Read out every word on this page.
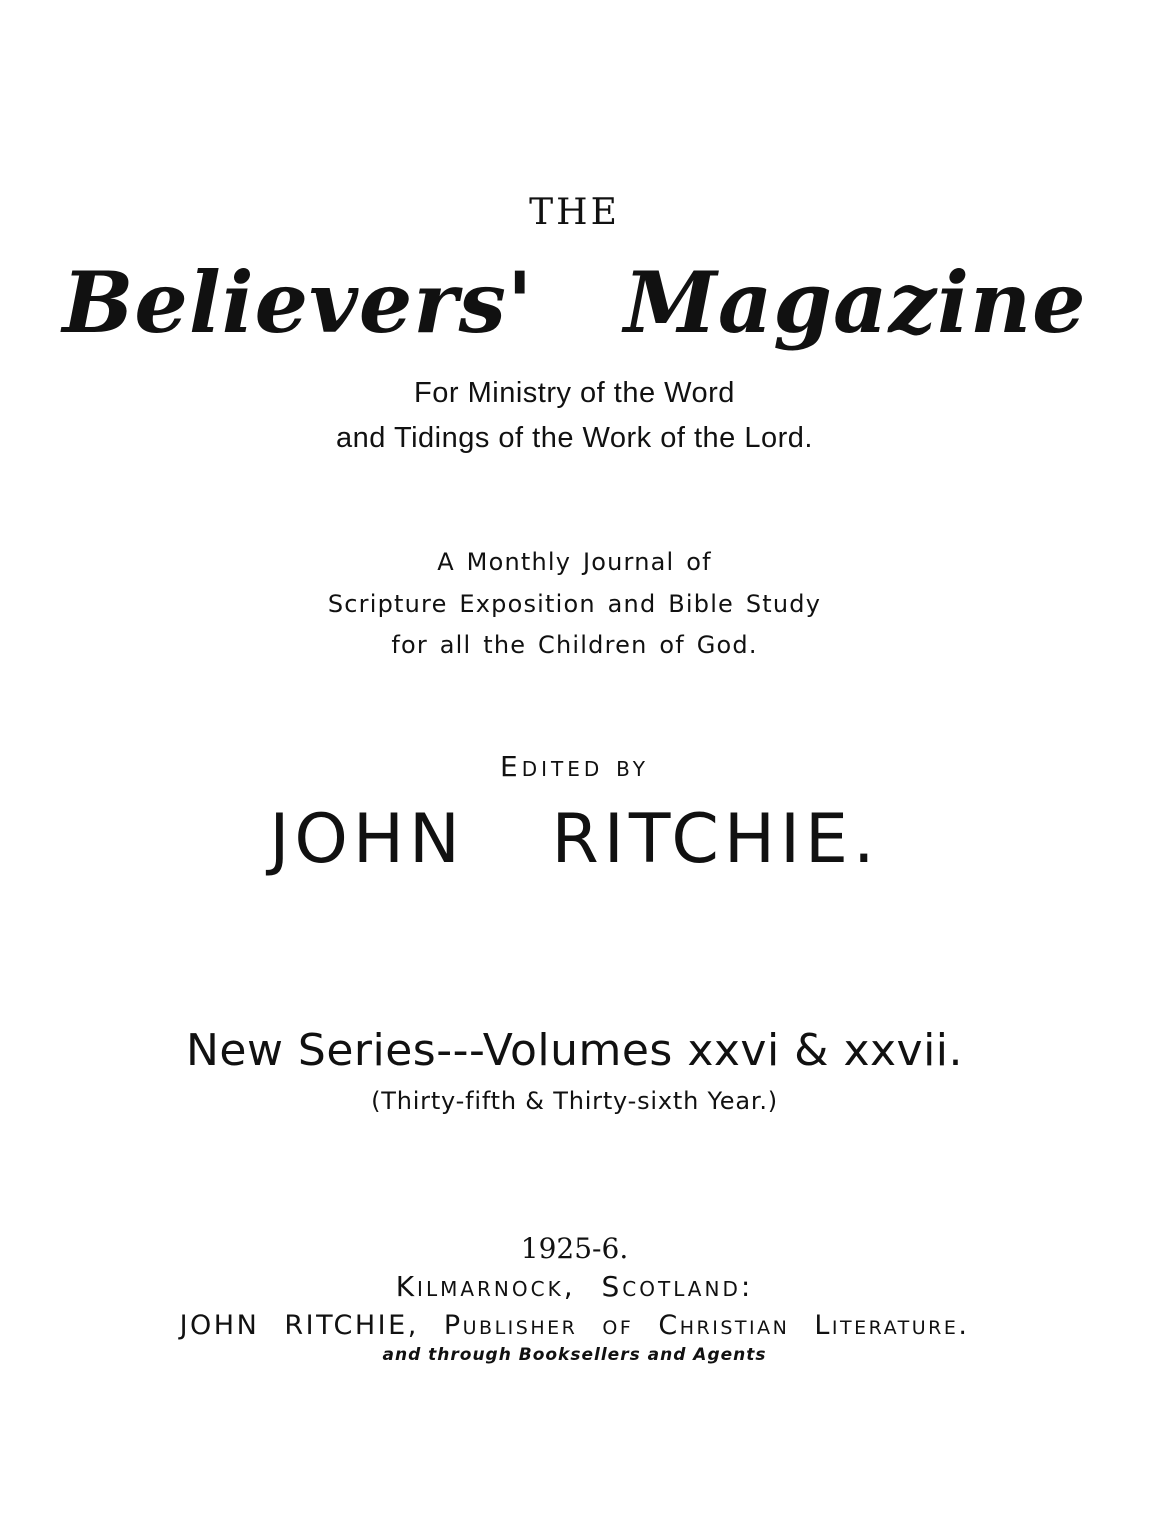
THE
Believers' Magazine
For Ministry of the Word
and Tidings of the Work of the Lord.
A Monthly Journal of
Scripture Exposition and Bible Study
for all the Children of God.
Edited by
JOHN RITCHIE.
New Series---Volumes xxvi & xxvii.
(Thirty-fifth & Thirty-sixth Year.)
1925-6.
Kilmarnock, Scotland:
JOHN RITCHIE, Publisher of Christian Literature.
and through Booksellers and Agents
